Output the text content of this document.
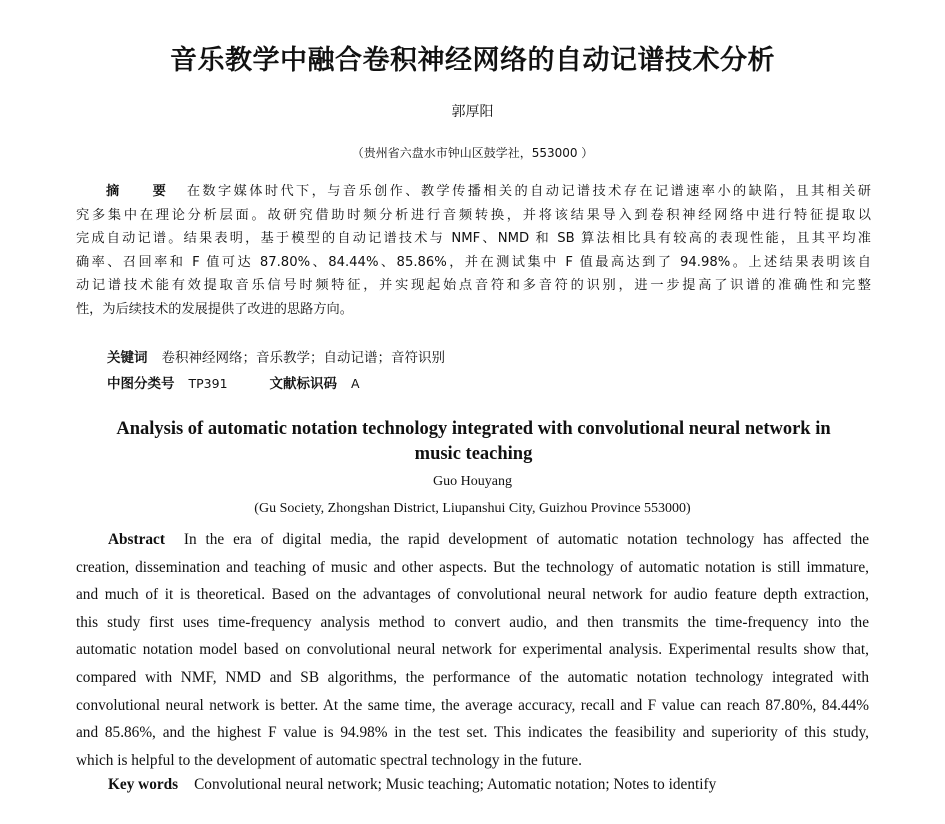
音乐教学中融合卷积神经网络的自动记谱技术分析
郭厚阳
（贵州省六盘水市钟山区鼓学社，553000 ）
摘 要 在数字媒体时代下，与音乐创作、教学传播相关的自动记谱技术存在记谱速率小的缺陷，且其相关研
究多集中在理论分析层面。故研究借助时频分析进行音频转换，并将该结果导入到卷积神经网络中进行特征提取以
完成自动记谱。结果表明，基于模型的自动记谱技术与 NMF、NMD 和 SB 算法相比具有较高的表现性能，且其平均准
确率、召回率和 F 值可达 87.80%、84.44%、85.86%，并在测试集中 F 值最高达到了 94.98%。上述结果表明该自
动记谱技术能有效提取音乐信号时频特征，并实现起始点音符和多音符的识别，进一步提高了识谱的准确性和完整
性，为后续技术的发展提供了改进的思路方向。
关键词 卷积神经网络；音乐教学；自动记谱；音符识别
中图分类号 TP391	文献标识码 A
Analysis of automatic notation technology integrated with convolutional neural network in
music teaching
Guo Houyang
(Gu Society, Zhongshan District, Liupanshui City, Guizhou Province 553000)
Abstract In the era of digital media, the rapid development of automatic notation technology has affected the
creation, dissemination and teaching of music and other aspects. But the technology of automatic notation is still immature,
and much of it is theoretical. Based on the advantages of convolutional neural network for audio feature depth extraction,
this study first uses time-frequency analysis method to convert audio, and then transmits the time-frequency into the
automatic notation model based on convolutional neural network for experimental analysis. Experimental results show that,
compared with NMF, NMD and SB algorithms, the performance of the automatic notation technology integrated with
convolutional neural network is better. At the same time, the average accuracy, recall and F value can reach 87.80%, 84.44%
and 85.86%, and the highest F value is 94.98% in the test set. This indicates the feasibility and superiority of this study,
which is helpful to the development of automatic spectral technology in the future.
Key words Convolutional neural network; Music teaching; Automatic notation; Notes to identify
